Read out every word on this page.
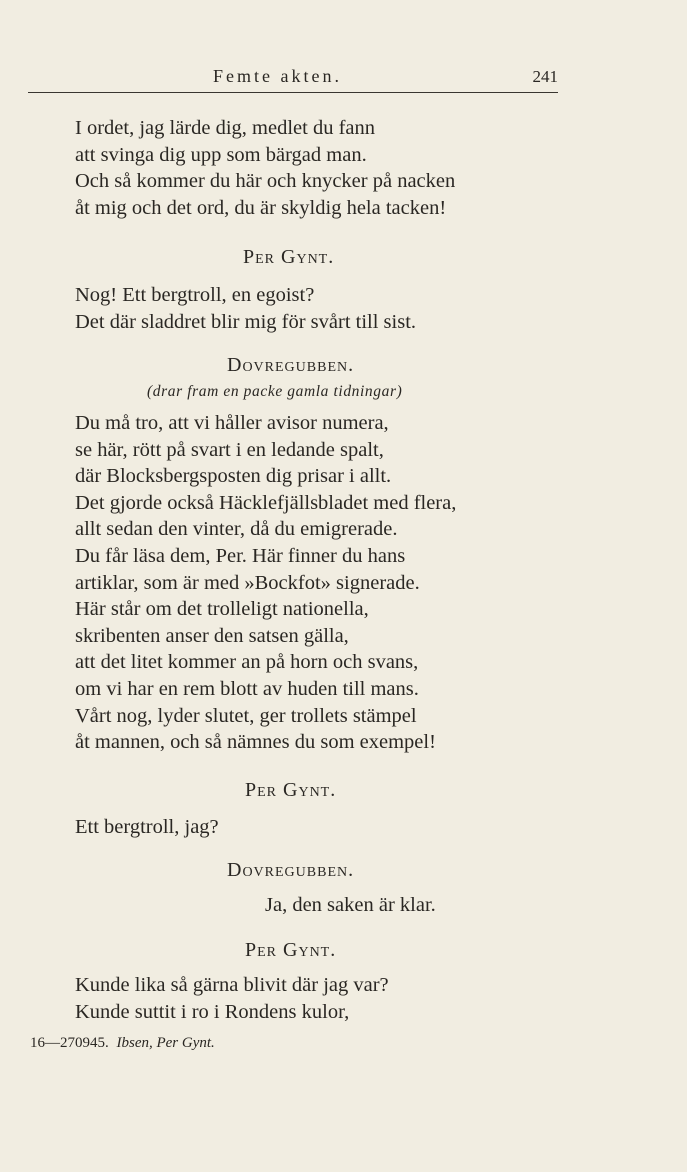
Femte akten.	241
I ordet, jag lärde dig, medlet du fann
att svinga dig upp som bärgad man.
Och så kommer du här och knycker på nacken
åt mig och det ord, du är skyldig hela tacken!
Per Gynt.
Nog! Ett bergtroll, en egoist?
Det där sladdret blir mig för svårt till sist.
Dovregubben.
(drar fram en packe gamla tidningar)
Du må tro, att vi håller avisor numera,
se här, rött på svart i en ledande spalt,
där Blocksbergsposten dig prisar i allt.
Det gjorde också Häcklefjällsbladet med flera,
allt sedan den vinter, då du emigrerade.
Du får läsa dem, Per. Här finner du hans
artiklar, som är med »Bockfot» signerade.
Här står om det trolleligt nationella,
skribenten anser den satsen gälla,
att det litet kommer an på horn och svans,
om vi har en rem blott av huden till mans.
Vårt nog, lyder slutet, ger trollets stämpel
åt mannen, och så nämnes du som exempel!
Per Gynt.
Ett bergtroll, jag?
Dovregubben.
Ja, den saken är klar.
Per Gynt.
Kunde lika så gärna blivit där jag var?
Kunde suttit i ro i Rondens kulor,
16—270945. Ibsen, Per Gynt.
